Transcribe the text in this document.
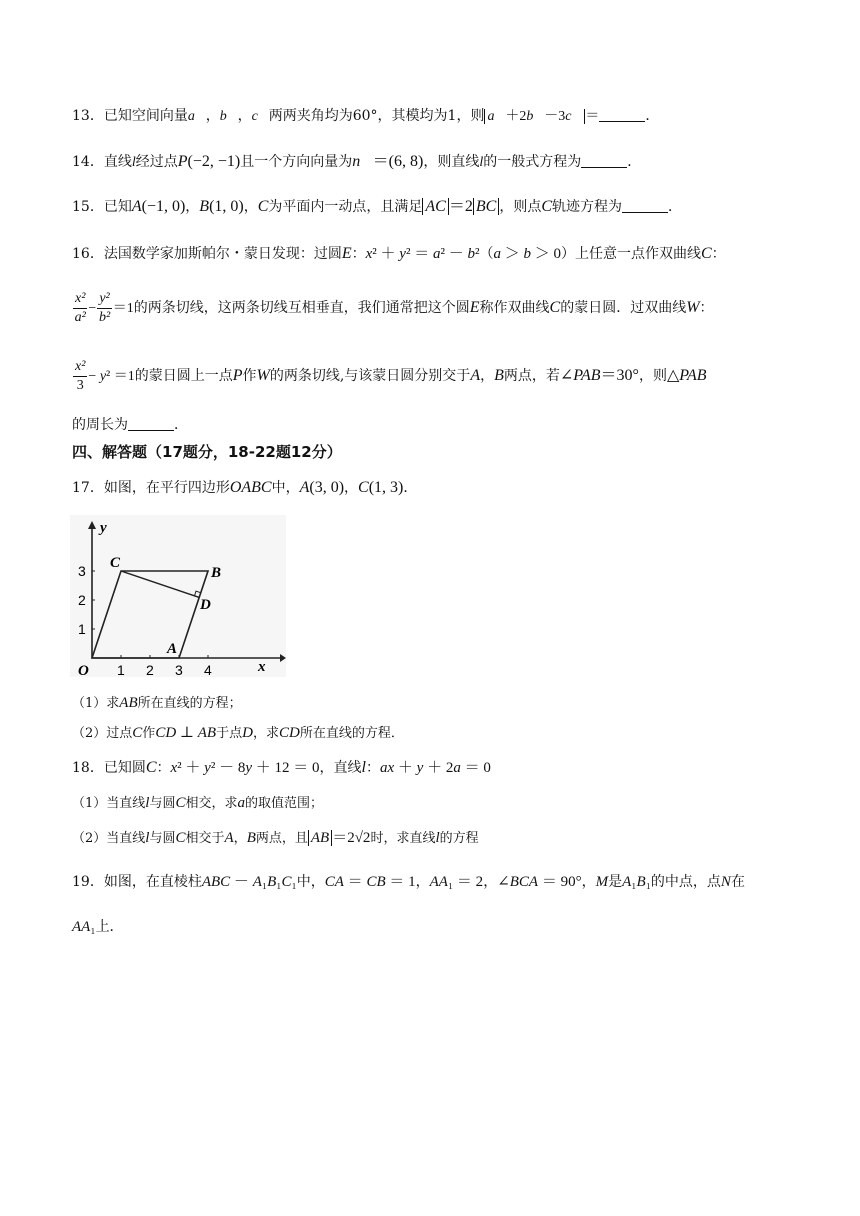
13．已知空间向量a⃗，b⃗，c⃗两两夹角均为60°，其模均为1，则 a⃗＋2b⃗－3c⃗ ＝	．
14．直线l经过点P(−2, −1)且一个方向向量为n⃗＝(6, 8)，则直线l的一般式方程为	．
15．已知A(−1, 0)，B(1, 0)，C为平面内一动点，且满足 AC ＝2 BC ，则点C轨迹方程为	．
16．法国数学家加斯帕尔・蒙日发现：过圆E：x² ＋ y² ＝ a² － b²（a ＞ b ＞ 0）上任意一点作双曲线C：
$\frac{\text{x²}}{\text{a²}} - \frac{\text{y²}}{\text{b²}} =1$的两条切线，这两条切线互相垂直，我们通常把这个圆E称作双曲线C的蒙日圆．过双曲线W：
$\frac{\text{x²}}{3} - y^2 =1$的蒙日圆上一点P作W的两条切线,与该蒙日圆分别交于A，B两点，若∠PAB＝30°，则△PAB
的周长为	．
四、解答题（17题分，18-22题12分）
17．如图，在平行四边形OABC中，A(3, 0)，C(1, 3)．
x
y
O 1 2 3 4
1
2
3 C
B
D
A
（1）求AB所在直线的方程；
（2）过点C作CD ⊥ AB于点D，求CD所在直线的方程．
18．已知圆C：x² ＋ y² － 8y ＋ 12 ＝ 0，直线l：ax ＋ y ＋ 2a ＝ 0
（1）当直线l与圆C相交，求a的取值范围；
（2）当直线l与圆C相交于A，B两点，且 AB ＝2√2时，求直线l的方程
19．如图，在直棱柱ABC － A₁B₁C₁中，CA ＝ CB ＝ 1，AA₁ ＝ 2，∠BCA ＝ 90°，M是A₁B₁的中点，点N在
AA₁上．
